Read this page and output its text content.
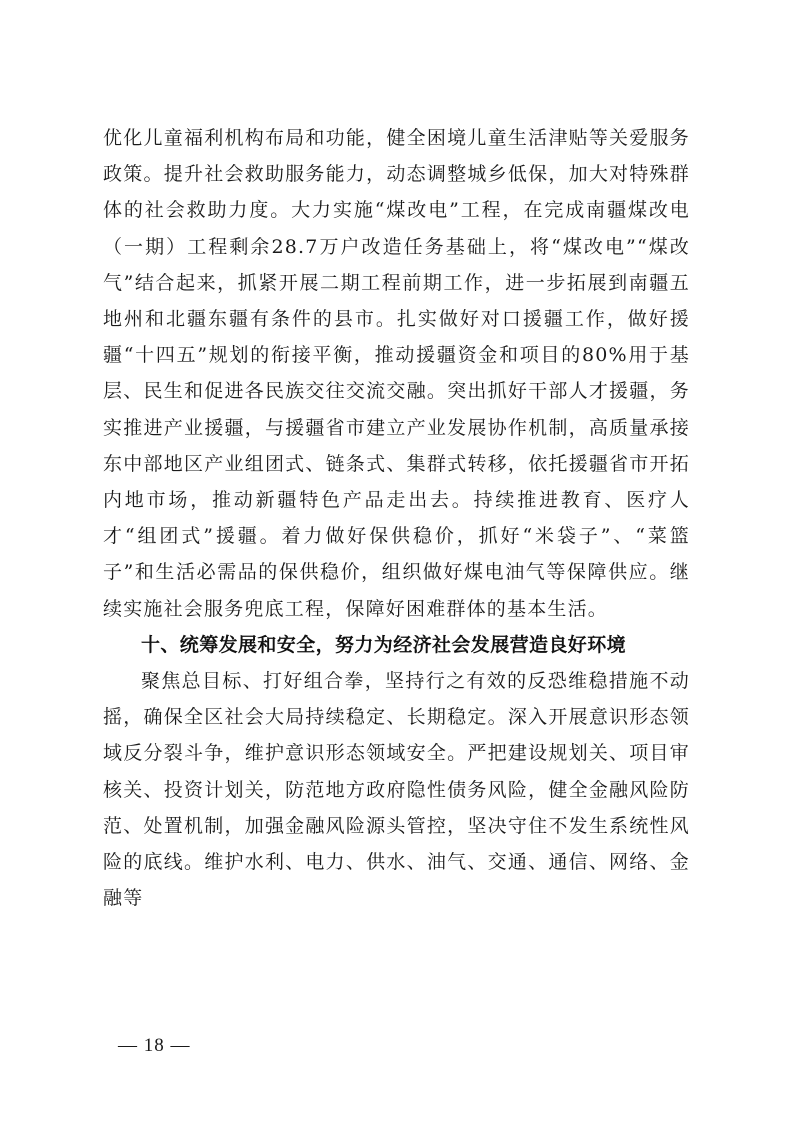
优化儿童福利机构布局和功能，健全困境儿童生活津贴等关爱服务政策。提升社会救助服务能力，动态调整城乡低保，加大对特殊群体的社会救助力度。大力实施“煤改电”工程，在完成南疆煤改电（一期）工程剩余28.7万户改造任务基础上，将“煤改电”“煤改气”结合起来，抓紧开展二期工程前期工作，进一步拓展到南疆五地州和北疆东疆有条件的县市。扎实做好对口援疆工作，做好援疆“十四五”规划的衔接平衡，推动援疆资金和项目的80%用于基层、民生和促进各民族交往交流交融。突出抓好干部人才援疆，务实推进产业援疆，与援疆省市建立产业发展协作机制，高质量承接东中部地区产业组团式、链条式、集群式转移，依托援疆省市开拓内地市场，推动新疆特色产品走出去。持续推进教育、医疗人才“组团式”援疆。着力做好保供稳价，抓好“米袋子”、“菜篮子”和生活必需品的保供稳价，组织做好煤电油气等保障供应。继续实施社会服务兜底工程，保障好困难群体的基本生活。

十、统筹发展和安全，努力为经济社会发展营造良好环境

聚焦总目标、打好组合拳，坚持行之有效的反恐维稳措施不动摇，确保全区社会大局持续稳定、长期稳定。深入开展意识形态领域反分裂斗争，维护意识形态领域安全。严把建设规划关、项目审核关、投资计划关，防范地方政府隐性债务风险，健全金融风险防范、处置机制，加强金融风险源头管控，坚决守住不发生系统性风险的底线。维护水利、电力、供水、油气、交通、通信、网络、金融等

— 18 —
